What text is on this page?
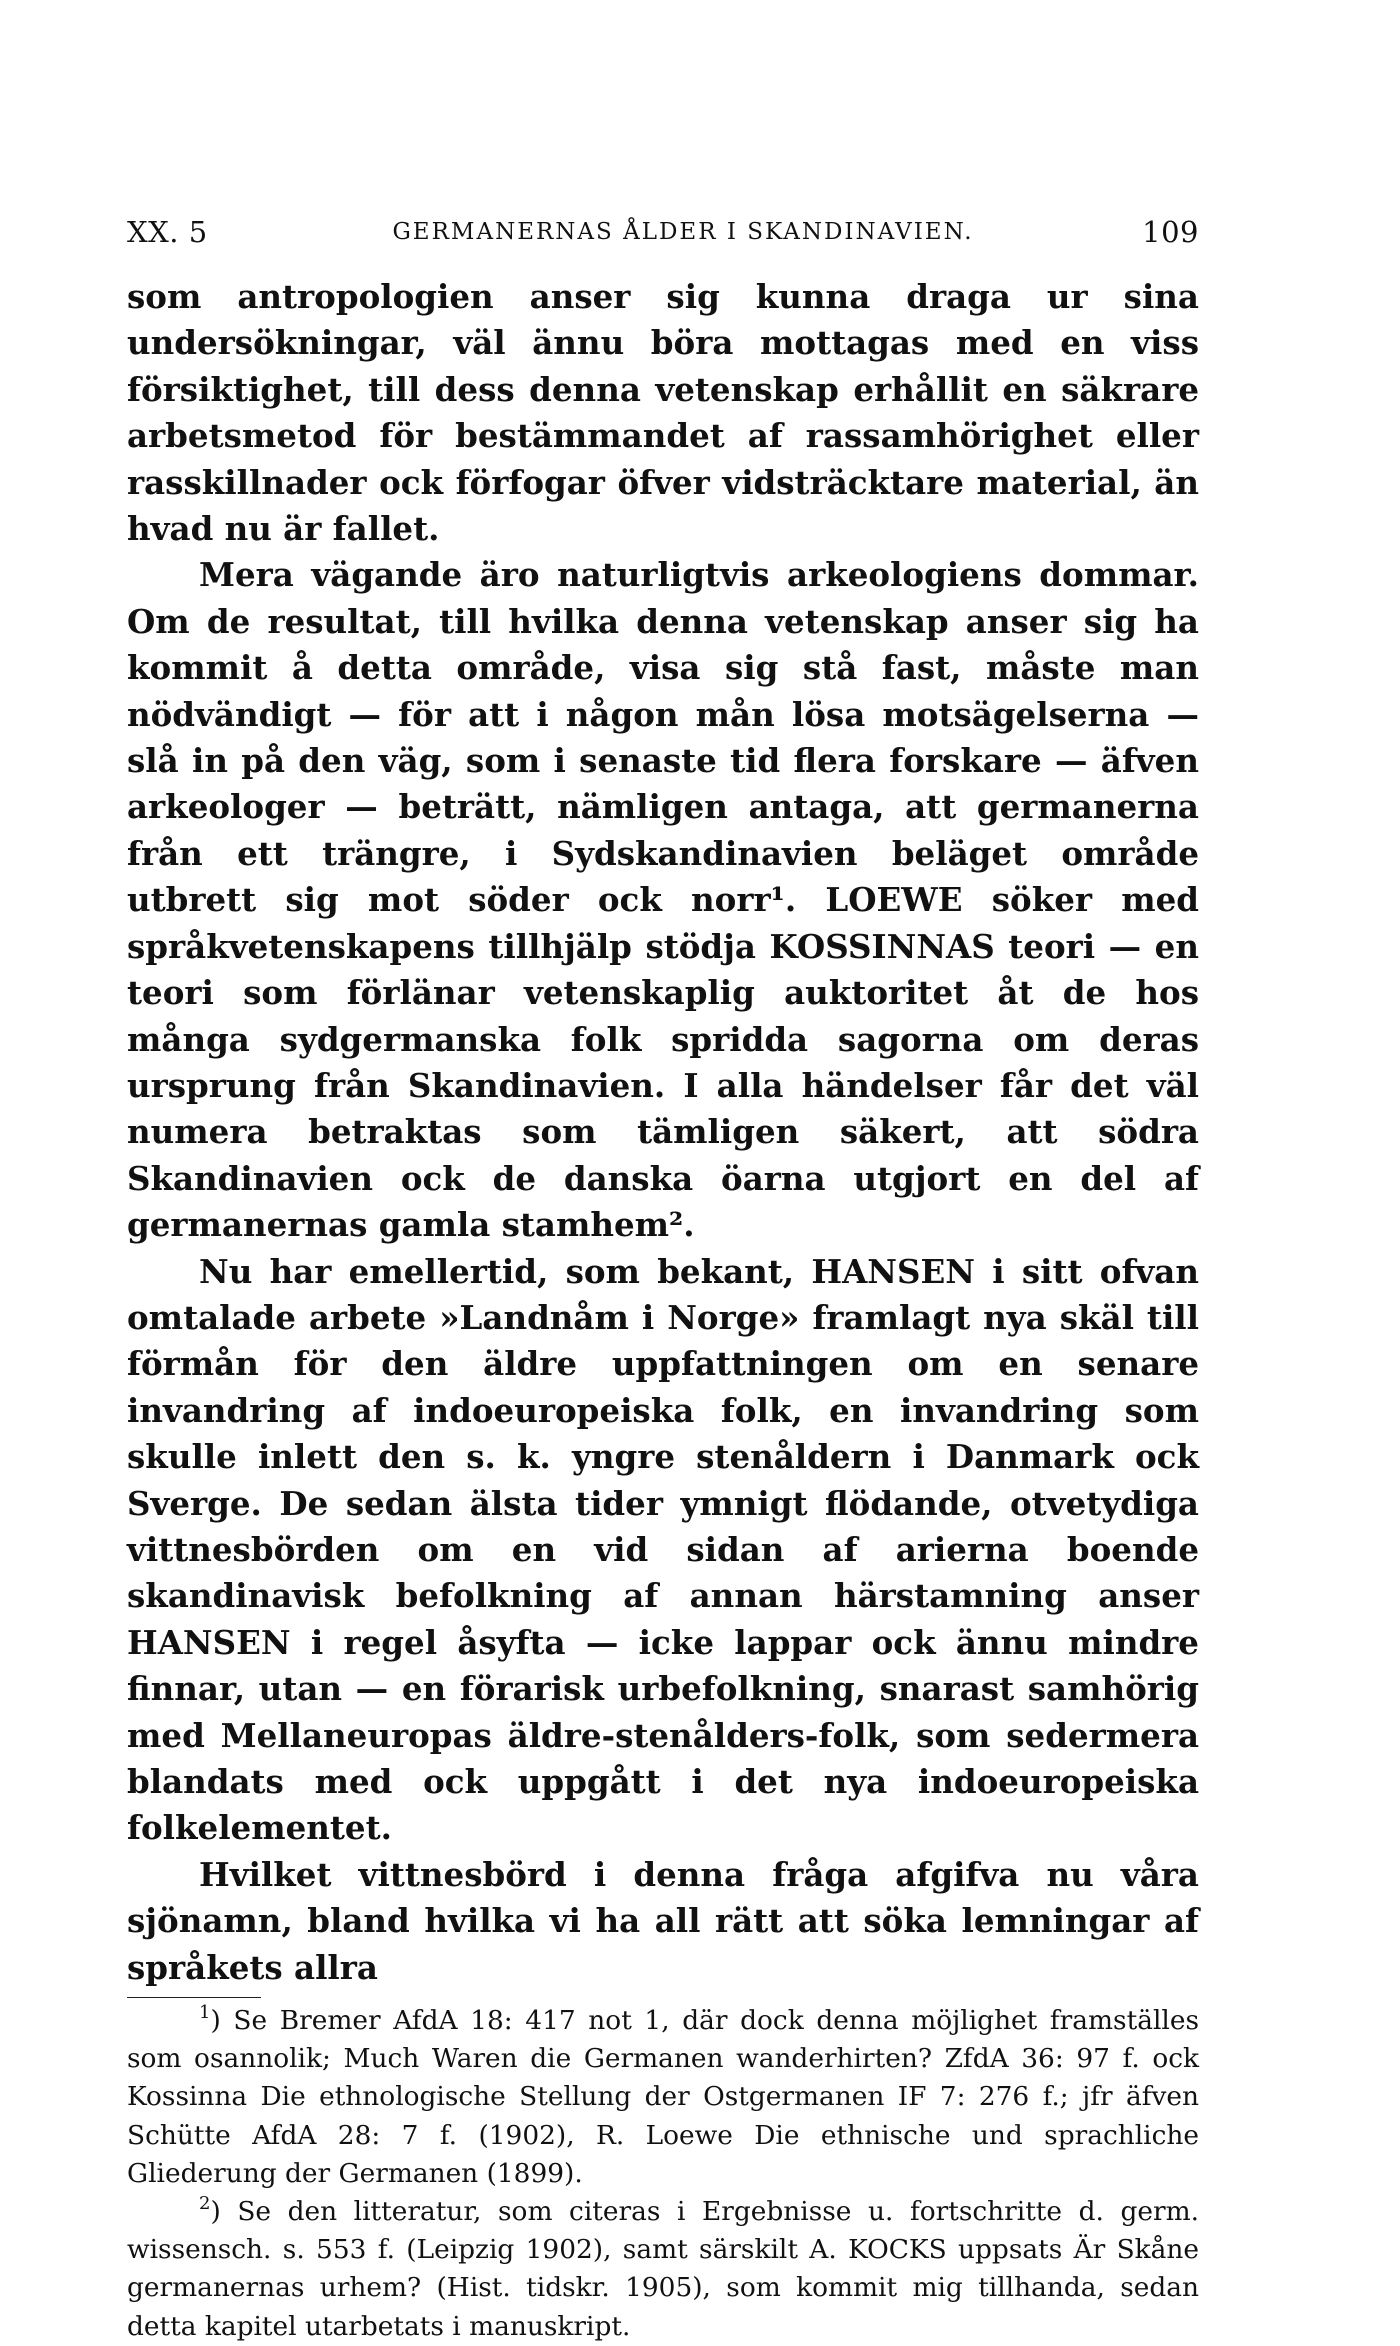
XX. 5	GERMANERNAS ÅLDER I SKANDINAVIEN.	109

som antropologien anser sig kunna draga ur sina undersökningar, väl ännu böra mottagas med en viss försiktighet, till dess denna vetenskap erhållit en säkrare arbetsmetod för bestämmandet af rassamhörighet eller rasskillnader ock förfogar öfver vidsträcktare material, än hvad nu är fallet.

Mera vägande äro naturligtvis arkeologiens dommar. Om de resultat, till hvilka denna vetenskap anser sig ha kommit å detta område, visa sig stå fast, måste man nödvändigt — för att i någon mån lösa motsägelserna — slå in på den väg, som i senaste tid flera forskare — äfven arkeologer — beträtt, nämligen antaga, att germanerna från ett trängre, i Sydskandinavien beläget område utbrett sig mot söder ock norr¹. LOEWE söker med språkvetenskapens tillhjälp stödja KOSSINNAS teori — en teori som förlänar vetenskaplig auktoritet åt de hos många sydgermanska folk spridda sagorna om deras ursprung från Skandinavien. I alla händelser får det väl numera betraktas som tämligen säkert, att södra Skandinavien ock de danska öarna utgjort en del af germanernas gamla stamhem².

Nu har emellertid, som bekant, HANSEN i sitt ofvan omtalade arbete »Landnåm i Norge» framlagt nya skäl till förmån för den äldre uppfattningen om en senare invandring af indoeuropeiska folk, en invandring som skulle inlett den s. k. yngre stenåldern i Danmark ock Sverge. De sedan älsta tider ymnigt flödande, otvetydiga vittnesbörden om en vid sidan af arierna boende skandinavisk befolkning af annan härstamning anser HANSEN i regel åsyfta — icke lappar ock ännu mindre finnar, utan — en förarisk urbefolkning, snarast samhörig med Mellaneuropas äldre-stenålders-folk, som sedermera blandats med ock uppgått i det nya indoeuropeiska folkelementet.

Hvilket vittnesbörd i denna fråga afgifva nu våra sjönamn, bland hvilka vi ha all rätt att söka lemningar af språkets allra

$^1$) Se Bremer AfdA 18: 417 not 1, där dock denna möjlighet framställes som osannolik; Much Waren die Germanen wanderhirten? ZfdA 36: 97 f. ock Kossinna Die ethnologische Stellung der Ostgermanen IF 7: 276 f.; jfr äfven Schütte AfdA 28: 7 f. (1902), R. Loewe Die ethnische und sprachliche Gliederung der Germanen (1899).

$^2$) Se den litteratur, som citeras i Ergebnisse u. fortschritte d. germ. wissensch. s. 553 f. (Leipzig 1902), samt särskilt A. KOCKS uppsats Är Skåne germanernas urhem? (Hist. tidskr. 1905), som kommit mig tillhanda, sedan detta kapitel utarbetats i manuskript.
